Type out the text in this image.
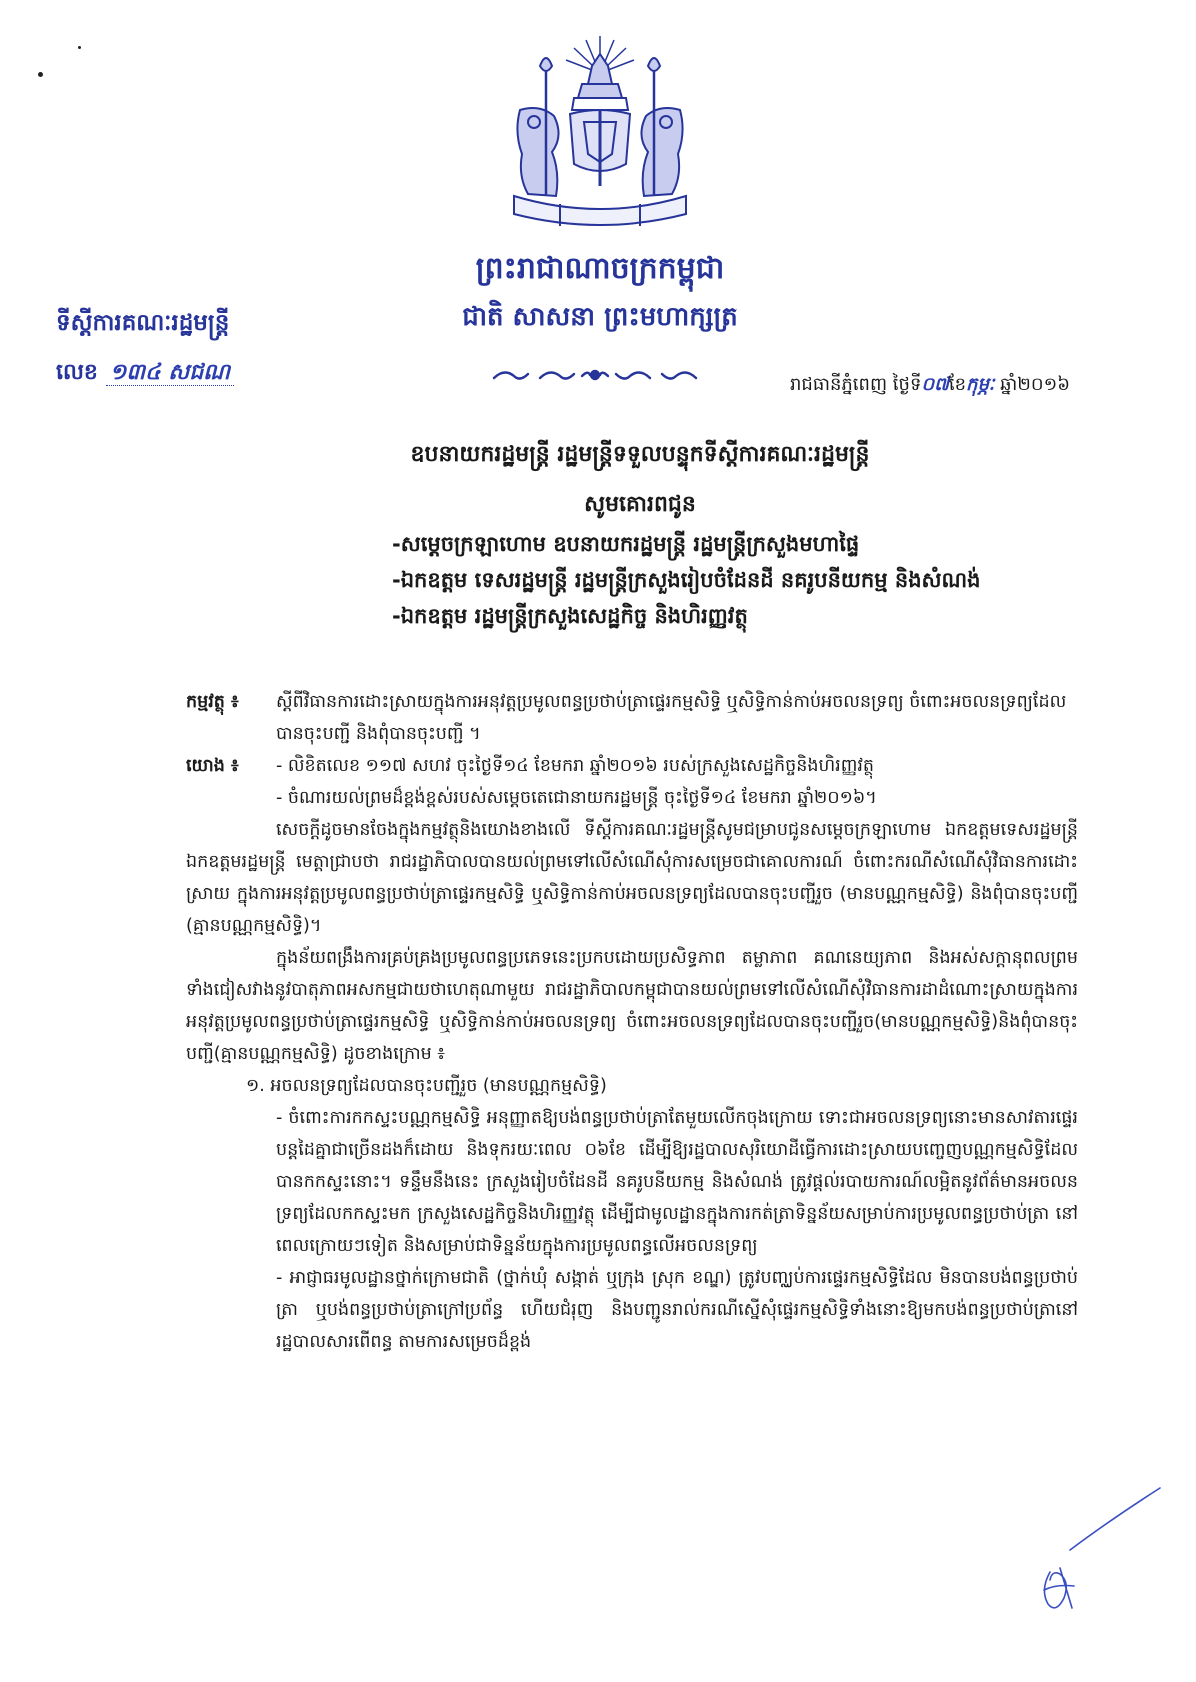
ព្រះរាជាណាចក្រកម្ពុជា
ជាតិ សាសនា ព្រះមហាក្សត្រ
ទីស្តីការគណៈរដ្ឋមន្ត្រី
លេខ ១៣៤ សជណ	រាជធានីភ្នំពេញ ថ្ងៃទី០៧ខែកុម្ភៈ ឆ្នាំ២០១៦
ឧបនាយករដ្ឋមន្ត្រី រដ្ឋមន្ត្រីទទួលបន្ទុកទីស្តីការគណៈរដ្ឋមន្ត្រី
សូមគោរពជូន
-សម្តេចក្រឡាហោម ឧបនាយករដ្ឋមន្ត្រី រដ្ឋមន្ត្រីក្រសួងមហាផ្ទៃ
-ឯកឧត្តម ទេសរដ្ឋមន្ត្រី រដ្ឋមន្ត្រីក្រសួងរៀបចំដែនដី នគរូបនីយកម្ម និងសំណង់
-ឯកឧត្តម រដ្ឋមន្ត្រីក្រសួងសេដ្ឋកិច្ច និងហិរញ្ញវត្ថុ
កម្មវត្ថុ ៖	ស្តីពីវិធានការដោះស្រាយក្នុងការអនុវត្តប្រមូលពន្ធប្រថាប់ត្រាផ្ទេរកម្មសិទ្ធិ ឬសិទ្ធិកាន់កាប់អចលនទ្រព្យ ចំពោះអចលនទ្រព្យដែលបានចុះបញ្ជី និងពុំបានចុះបញ្ជី ។
យោង ៖	- លិខិតលេខ ១១៧ សហវ ចុះថ្ងៃទី១៤ ខែមករា ឆ្នាំ២០១៦ របស់ក្រសួងសេដ្ឋកិច្ចនិងហិរញ្ញវត្ថុ
- ចំណារយល់ព្រមដ៏ខ្ពង់ខ្ពស់របស់សម្តេចតេជោនាយករដ្ឋមន្ត្រី ចុះថ្ងៃទី១៤ ខែមករា ឆ្នាំ២០១៦។
សេចក្តីដូចមានចែងក្នុងកម្មវត្ថុនិងយោងខាងលើ ទីស្តីការគណៈរដ្ឋមន្ត្រីសូមជម្រាបជូនសម្តេចក្រឡាហោម ឯកឧត្តមទេសរដ្ឋមន្ត្រី ឯកឧត្តមរដ្ឋមន្ត្រី មេត្តាជ្រាបថា រាជរដ្ឋាភិបាលបានយល់ព្រមទៅលើសំណើសុំការសម្រេចជាគោលការណ៍ ចំពោះករណីសំណើសុំវិធានការដោះស្រាយ ក្នុងការអនុវត្តប្រមូលពន្ធប្រថាប់ត្រាផ្ទេរកម្មសិទ្ធិ ឬសិទ្ធិកាន់កាប់អចលនទ្រព្យដែលបានចុះបញ្ជីរួច (មានបណ្ណកម្មសិទ្ធិ) និងពុំបានចុះបញ្ជី (គ្មានបណ្ណកម្មសិទ្ធិ)។
ក្នុងន័យពង្រឹងការគ្រប់គ្រងប្រមូលពន្ធប្រភេទនេះប្រកបដោយប្រសិទ្ធភាព តម្លាភាព គណនេយ្យភាព និងអស់សក្តានុពលព្រមទាំងជៀសវាងនូវបាតុភាពអសកម្មជាយថាហេតុណាមួយ រាជរដ្ឋាភិបាលកម្ពុជាបានយល់ព្រមទៅលើសំណើសុំវិធានការដាដំណោះស្រាយក្នុងការអនុវត្តប្រមូលពន្ធប្រថាប់ត្រាផ្ទេរកម្មសិទ្ធិ ឬសិទ្ធិកាន់កាប់អចលនទ្រព្យ ចំពោះអចលនទ្រព្យដែលបានចុះបញ្ជីរួច(មានបណ្ណកម្មសិទ្ធិ)និងពុំបានចុះបញ្ជី(គ្មានបណ្ណកម្មសិទ្ធិ) ដូចខាងក្រោម ៖
១. អចលនទ្រព្យដែលបានចុះបញ្ជីរួច (មានបណ្ណកម្មសិទ្ធិ)
- ចំពោះការកកស្ទះបណ្ណកម្មសិទ្ធិ អនុញ្ញាតឱ្យបង់ពន្ធប្រថាប់ត្រាតែមួយលើកចុងក្រោយ ទោះជាអចលនទ្រព្យនោះមានសាវតារផ្ទេរបន្តដៃគ្នាជាច្រើនដងក៏ដោយ និងទុករយៈពេល ០៦ខែ ដើម្បីឱ្យរដ្ឋបាលសុរិយោដីធ្វើការដោះស្រាយបញ្ចេញបណ្ណកម្មសិទ្ធិដែលបានកកស្ទះនោះ។ ទន្ទឹមនឹងនេះ ក្រសួងរៀបចំដែនដី នគរូបនីយកម្ម និងសំណង់ ត្រូវផ្តល់របាយការណ៍លម្អិតនូវព័ត៌មានអចលនទ្រព្យដែលកកស្ទះមក ក្រសួងសេដ្ឋកិច្ចនិងហិរញ្ញវត្ថុ ដើម្បីជាមូលដ្ឋានក្នុងការកត់ត្រាទិន្នន័យសម្រាប់ការប្រមូលពន្ធប្រថាប់ត្រា នៅពេលក្រោយៗទៀត និងសម្រាប់ជាទិន្នន័យក្នុងការប្រមូលពន្ធលើអចលនទ្រព្យ
- អាជ្ញាធរមូលដ្ឋានថ្នាក់ក្រោមជាតិ (ថ្នាក់ឃុំ សង្កាត់ ឬក្រុង ស្រុក ខណ្ឌ) ត្រូវបញ្ឈប់ការផ្ទេរកម្មសិទ្ធិដែល មិនបានបង់ពន្ធប្រថាប់ត្រា ឬបង់ពន្ធប្រថាប់ត្រាក្រៅប្រព័ន្ធ ហើយជំរុញ និងបញ្ជូនរាល់ករណីស្នើសុំផ្ទេរកម្មសិទ្ធិទាំងនោះឱ្យមកបង់ពន្ធប្រថាប់ត្រានៅរដ្ឋបាលសារពើពន្ធ តាមការសម្រេចដ៏ខ្ពង់
